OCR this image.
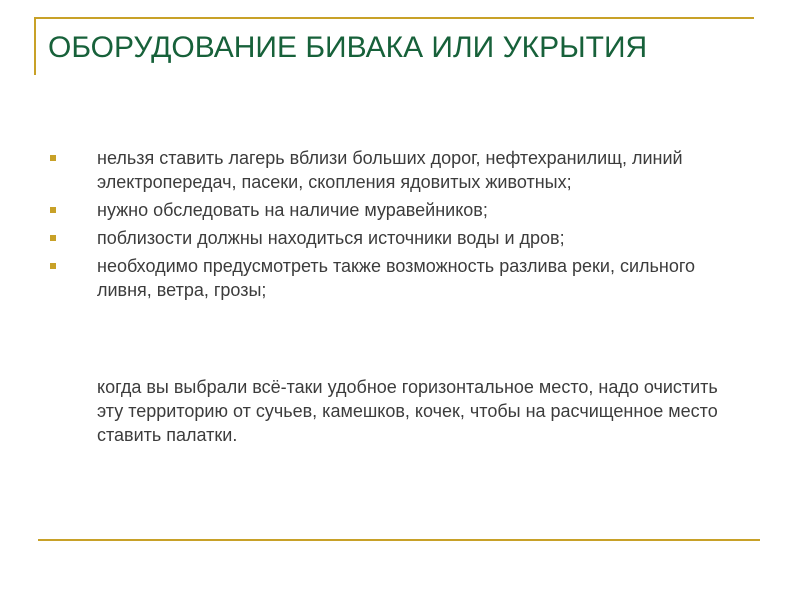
ОБОРУДОВАНИЕ БИВАКА ИЛИ УКРЫТИЯ
нельзя ставить лагерь вблизи больших дорог, нефтехранилищ, линий электропередач, пасеки, скопления ядовитых животных;
нужно обследовать на наличие муравейников;
поблизости должны находиться источники воды и дров;
необходимо предусмотреть также возможность разлива реки, сильного ливня, ветра, грозы;

когда вы выбрали всё-таки удобное горизонтальное место, надо очистить эту территорию от сучьев, камешков, кочек, чтобы на расчищенное место ставить палатки.
